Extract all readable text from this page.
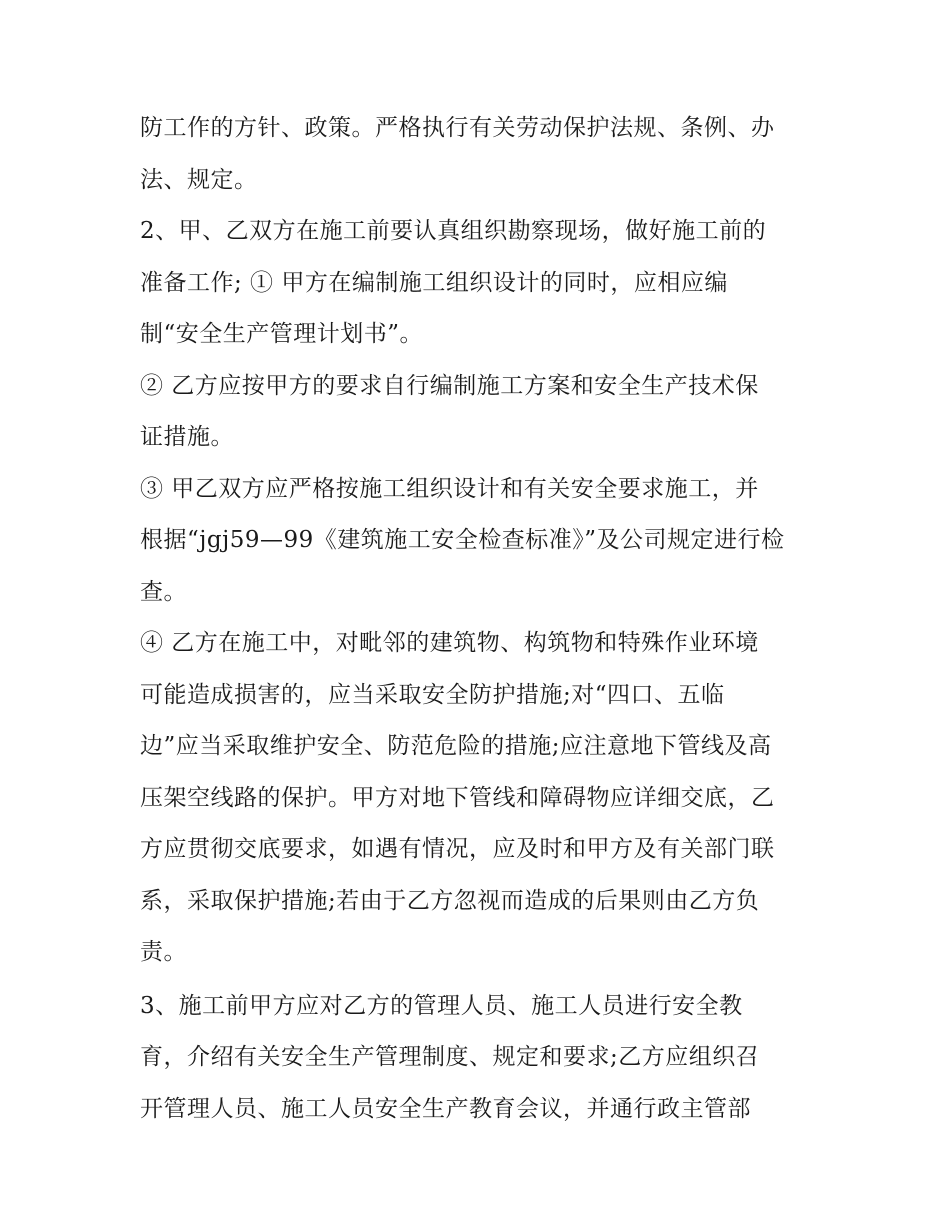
防工作的方针、政策。严格执行有关劳动保护法规、条例、办
法、规定。
2、甲、乙双方在施工前要认真组织勘察现场，做好施工前的
准备工作; ① 甲方在编制施工组织设计的同时，应相应编
制“安全生产管理计划书”。
② 乙方应按甲方的要求自行编制施工方案和安全生产技术保
证措施。
③ 甲乙双方应严格按施工组织设计和有关安全要求施工，并
根据“jgj59—99《建筑施工安全检查标准》”及公司规定进行检
查。
④ 乙方在施工中，对毗邻的建筑物、构筑物和特殊作业环境
可能造成损害的，应当采取安全防护措施;对“四口、五临
边”应当采取维护安全、防范危险的措施;应注意地下管线及高
压架空线路的保护。甲方对地下管线和障碍物应详细交底，乙
方应贯彻交底要求，如遇有情况，应及时和甲方及有关部门联
系，采取保护措施;若由于乙方忽视而造成的后果则由乙方负
责。
3、施工前甲方应对乙方的管理人员、施工人员进行安全教
育，介绍有关安全生产管理制度、规定和要求;乙方应组织召
开管理人员、施工人员安全生产教育会议，并通行政主管部
